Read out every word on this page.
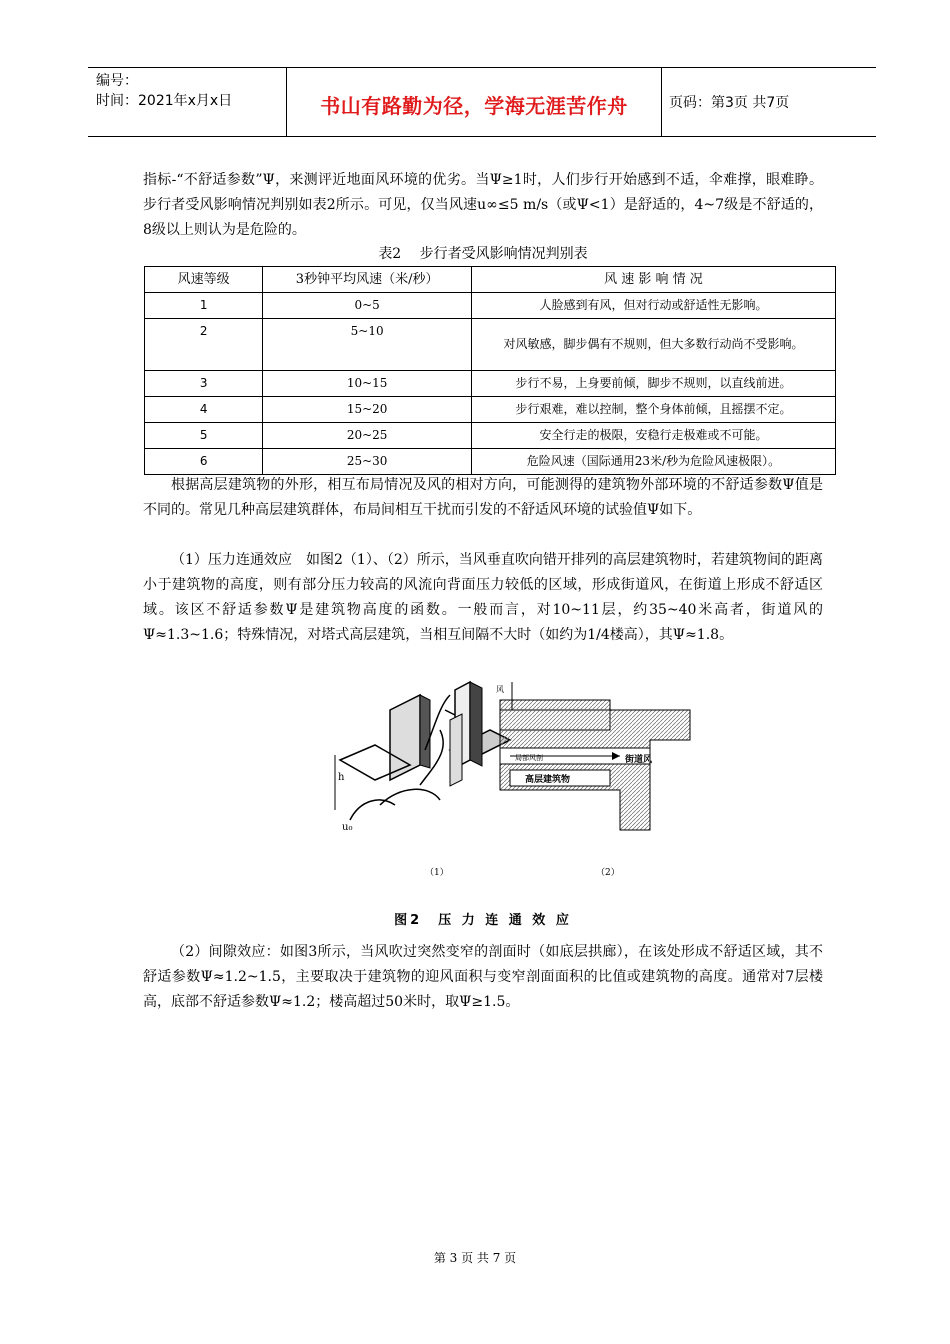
编号：
时间：2021年x月x日	书山有路勤为径，学海无涯苦作舟	页码：第3页 共7页
指标-“不舒适参数”Ψ，来测评近地面风环境的优劣。当Ψ≥1时，人们步行开始感到不适，伞难撑，眼难睁。步行者受风影响情况判别如表2所示。可见，仅当风速u∞≤5 m/s（或Ψ<1）是舒适的，4~7级是不舒适的，8级以上则认为是危险的。
表2　 步行者受风影响情况判别表
风速等级	3秒钟平均风速（米/秒）	风 速 影 响 情 况
1	0~5	人脸感到有风，但对行动或舒适性无影响。
2	5~10	对风敏感，脚步偶有不规则，但大多数行动尚不受影响。
3	10~15	步行不易，上身要前倾，脚步不规则，以直线前进。
4	15~20	步行艰难，难以控制，整个身体前倾，且摇摆不定。
5	20~25	安全行走的极限，安稳行走极难或不可能。
6	25~30	危险风速（国际通用23米/秒为危险风速极限）。
根据高层建筑物的外形，相互布局情况及风的相对方向，可能测得的建筑物外部环境的不舒适参数Ψ值是不同的。常见几种高层建筑群体，布局间相互干扰而引发的不舒适风环境的试验值Ψ如下。
（1）压力连通效应　如图2（1）、（2）所示，当风垂直吹向错开排列的高层建筑物时，若建筑物间的距离小于建筑物的高度，则有部分压力较高的风流向背面压力较低的区域，形成街道风，在街道上形成不舒适区域。该区不舒适参数Ψ是建筑物高度的函数。一般而言，对10~11层，约35~40米高者，街道风的Ψ≈1.3~1.6；特殊情况，对塔式高层建筑，当相互间隔不大时（如约为1/4楼高），其Ψ≈1.8。
h
u₀
局部风剖	街道风
高层建筑物
风
（1）	（2）
图2　压 力 连 通 效 应
（2）间隙效应：如图3所示，当风吹过突然变窄的剖面时（如底层拱廊），在该处形成不舒适区域，其不舒适参数Ψ≈1.2~1.5，主要取决于建筑物的迎风面积与变窄剖面面积的比值或建筑物的高度。通常对7层楼高，底部不舒适参数Ψ≈1.2；楼高超过50米时，取Ψ≥1.5。
第 3 页 共 7 页
